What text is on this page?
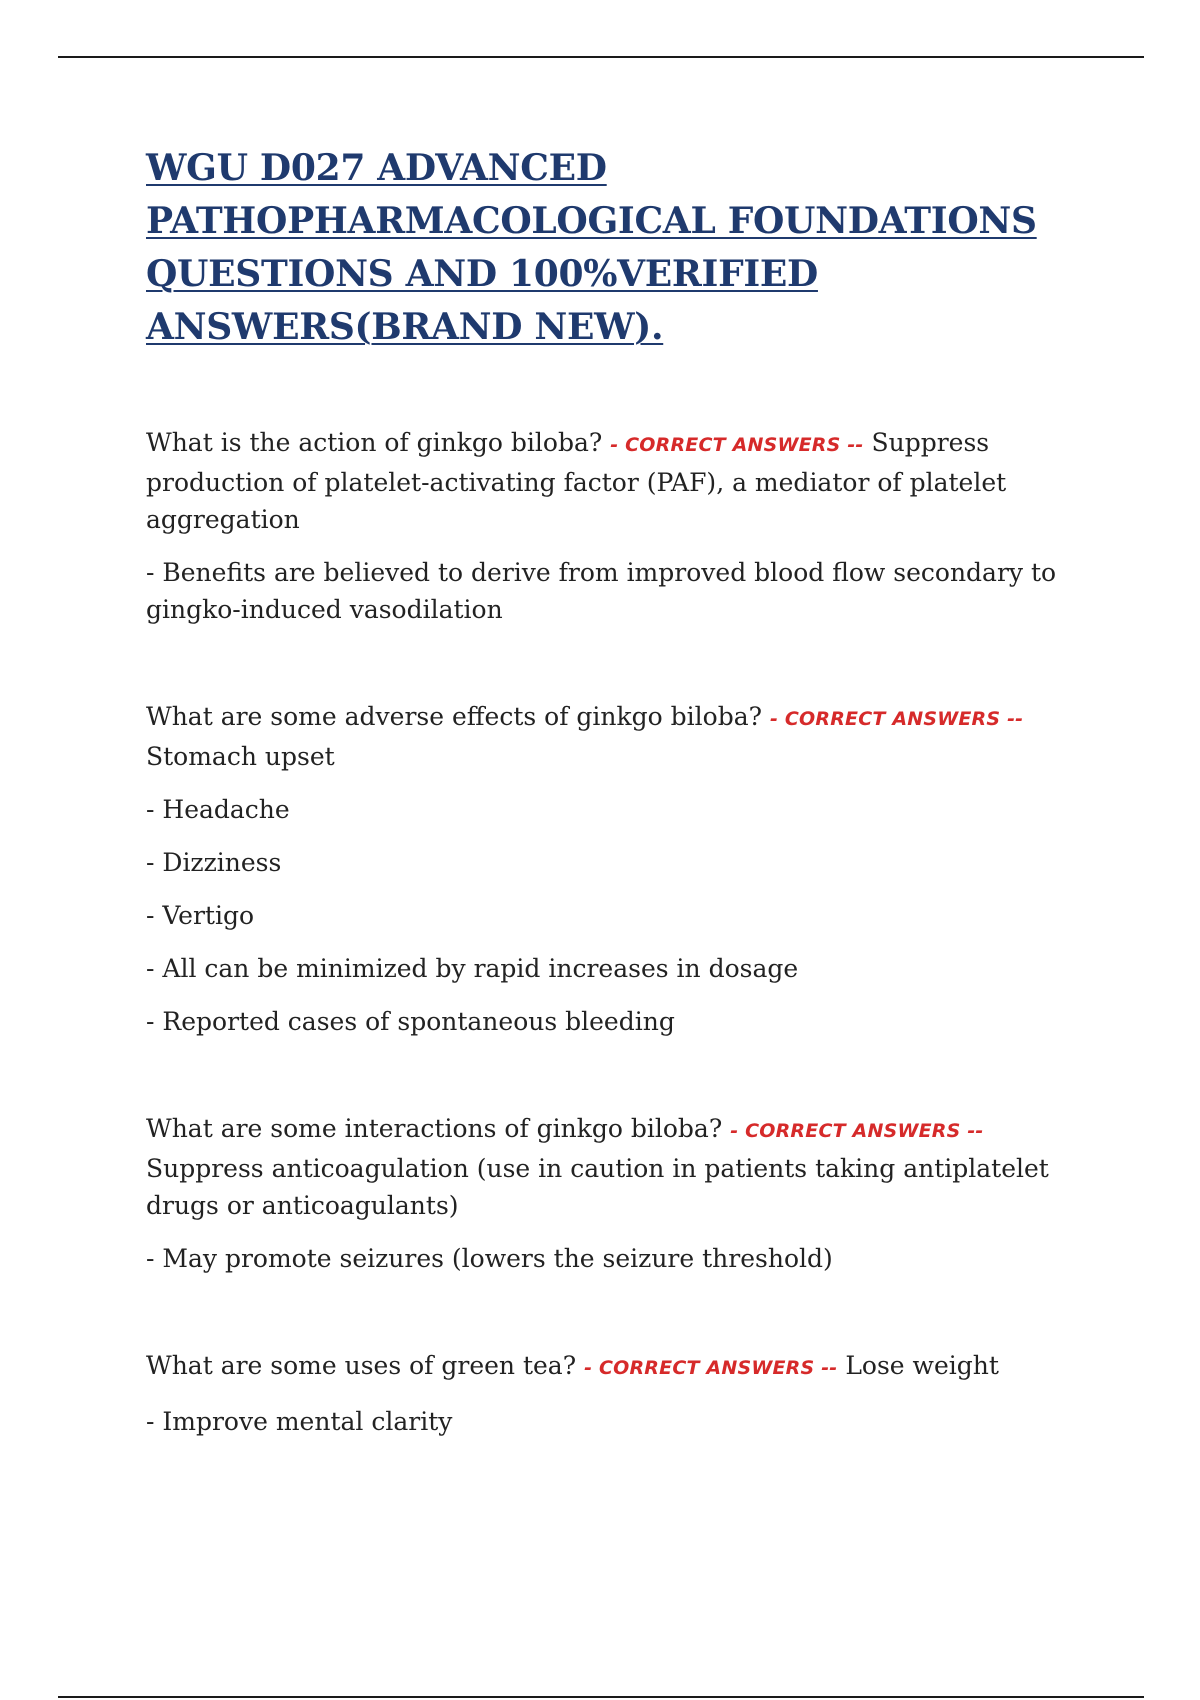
WGU D027 ADVANCED PATHOPHARMACOLOGICAL FOUNDATIONS QUESTIONS AND 100%VERIFIED ANSWERS(BRAND NEW).

What is the action of ginkgo biloba? - CORRECT ANSWERS -- Suppress production of platelet-activating factor (PAF), a mediator of platelet aggregation

- Benefits are believed to derive from improved blood flow secondary to gingko-induced vasodilation

What are some adverse effects of ginkgo biloba? - CORRECT ANSWERS --
Stomach upset

- Headache

- Dizziness

- Vertigo

- All can be minimized by rapid increases in dosage

- Reported cases of spontaneous bleeding

What are some interactions of ginkgo biloba? - CORRECT ANSWERS -- Suppress anticoagulation (use in caution in patients taking antiplatelet drugs or anticoagulants)

- May promote seizures (lowers the seizure threshold)

What are some uses of green tea? - CORRECT ANSWERS -- Lose weight

- Improve mental clarity
